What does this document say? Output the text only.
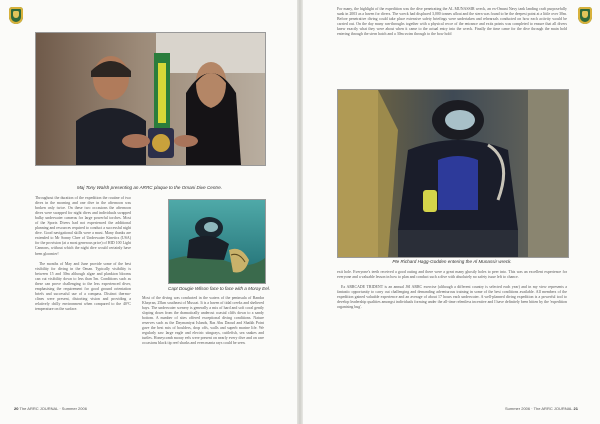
Maj Tony Walsh presenting an ARRC plaque to the Omani Dive Centre.

Throughout the duration of the expedition the routine of two dives in the morning and one dive in the afternoon was broken only twice. On these two occasions the afternoon dives were swapped for night dives and individuals swapped bulky underwater cameras for large powerful torches. Most of the Sports Divers had not experienced the additional planning and resources required to conduct a successful night dive. Good navigational skills were a must. Many thanks are extended to Mr Sonny Chee of Underwater Kinetics (USA) for the provision (at a most generous price) of HID 100 Light Cannons, without which the night dive would certainly have been gloomier!

The months of May and June provide some of the best visibility for diving in the Oman. Typically visibility is between 15 and 30m although algae and plankton blooms can cut visibility down to less than 5m. Conditions such as these can prove challenging to the less experienced diver, emphasising the requirement for good ground orientation briefs and successful use of a compass. Distinct thermo-clines were present, distorting vision and providing a relatively chilly environment when compared to the 40°C temperature on the surface.

Capt Dougie Wilson face to face with a Moray Eel.

Most of the diving was conducted in the waters of the peninsula of Bandar Khayran, 25km southeast of Muscat. It is a haven of tidal creeks and sheltered bays. The underwater scenery is generally a mix of hard and soft coral gently sloping down from the dramatically undercut coastal cliffs down to a sandy bottom. A number of sites offered exceptional diving conditions. Nature reserves such as the Daymaniyat Islands, Ras Abu Daoud and Shaikh Point gave the best mix of boulders, drop offs, walls and superb marine life. We regularly saw large eagle and electric stingrays, cuttlefish, sea snakes and turtles. Honeycomb moray eels were present on nearly every dive and on rare occasions black tip reef sharks and even manta rays could be seen.

20 The ARRC JOURNAL · Summer 2006

For many, the highlight of the expedition was the dive penetrating the AL MUNASSIR wreck, an ex-Omani Navy tank landing craft purposefully sunk in 2003 as a haven for divers. The wreck had displaced 3,000 tonnes afloat and the stern was found to be the deepest point at a little over 30m. Before penetrative diving could take place extensive safety briefings were undertaken and rehearsals conducted on how each activity would be carried out. On the day many ran-throughs together with a physical recce of the entrance and exits points was completed to ensure that all divers knew exactly what they were about when it came to the actual entry into the wreck. Finally the time came for the dive through the main hold entering through the stern hatch and a 30m swim through to the bow hold

Pte Richard Hagg-Godden entering the Al Munassir wreck.

exit hole. Everyone's teeth received a good outing and there were a great many ghostly holes to peer into. This was an excellent experience for everyone and a valuable lesson in how to plan and conduct such a dive with absolutely no safety issue left to chance.

Ex ARRCADE TRIDENT is an annual JSI ARRC exercise (although a different country is selected each year) and in my view represents a fantastic opportunity to carry out challenging and demanding adventurous training in some of the best conditions available. All members of the expedition gained valuable experience and an average of about 17 hours each underwater. A well-planned diving expedition is a powerful tool to develop leadership qualities amongst individuals forming under the all-time relentless incentive and I have definitely been bitten by the 'expedition organising bug'.

Summer 2006 · The ARRC JOURNAL 21
